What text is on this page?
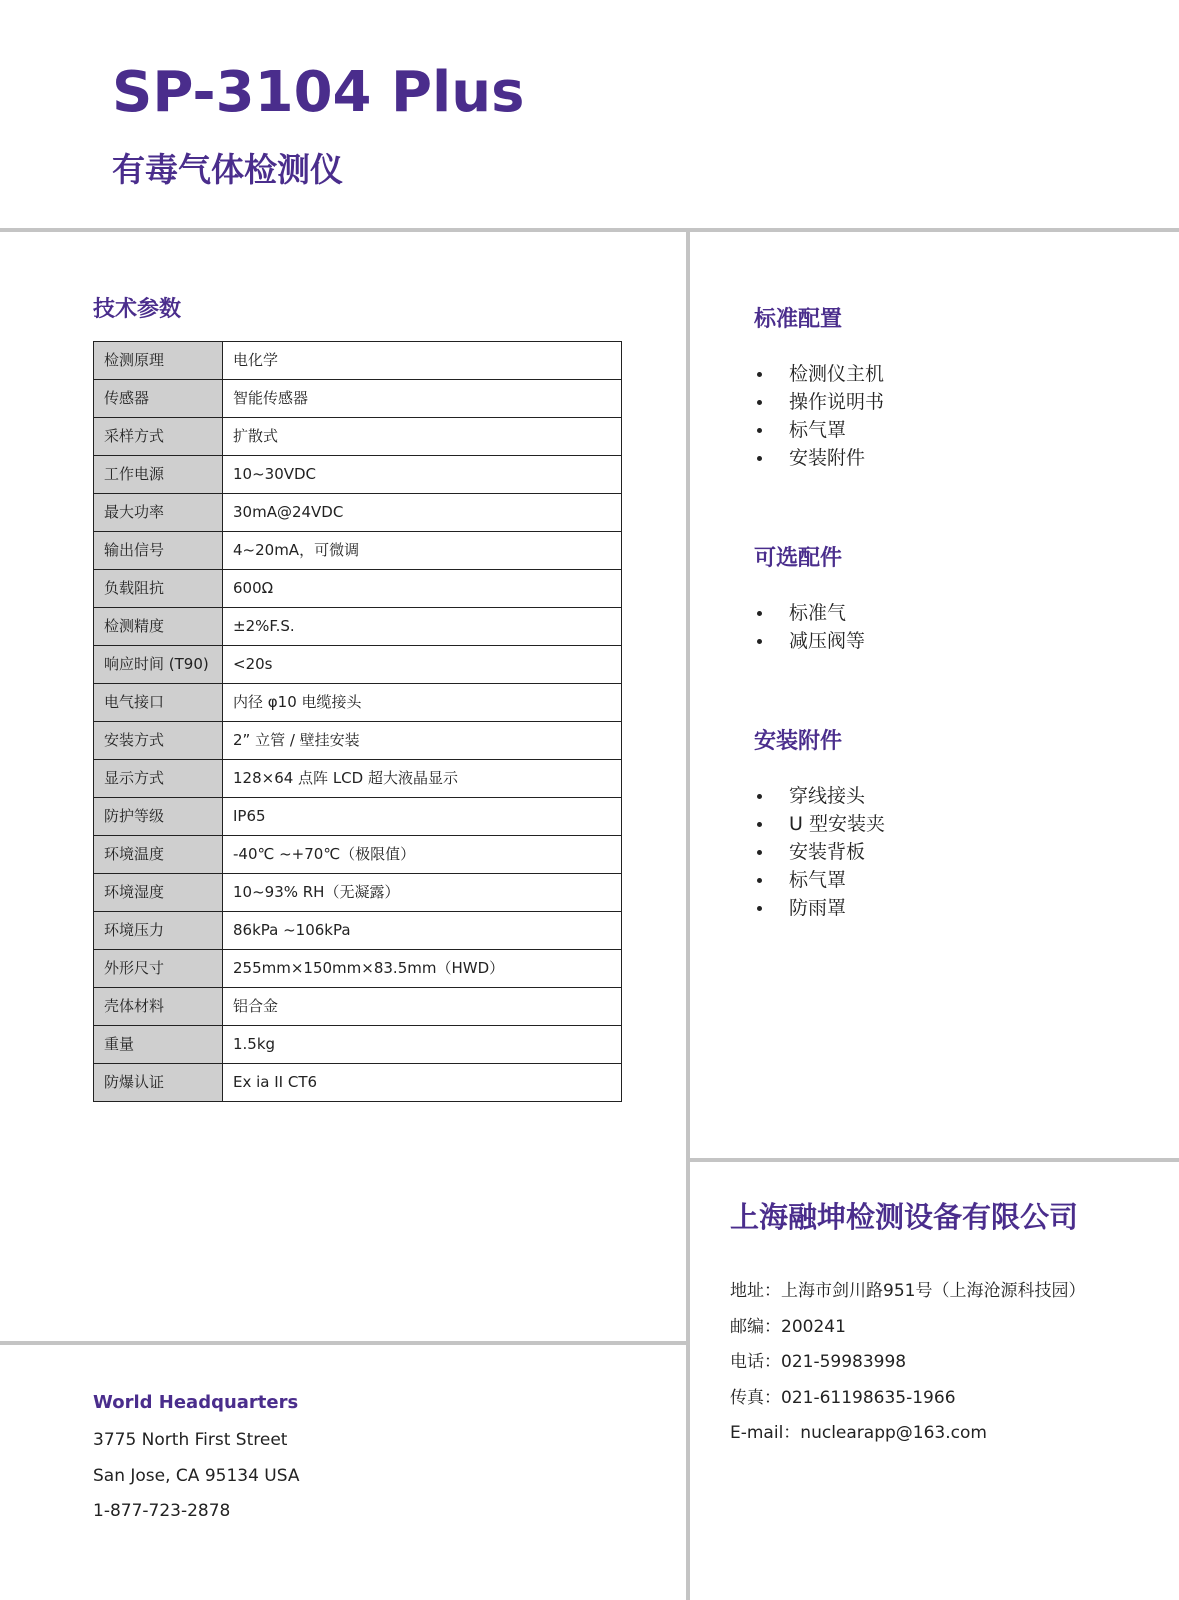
SP-3104 Plus
有毒气体检测仪
技术参数
检测原理	电化学
传感器	智能传感器
采样方式	扩散式
工作电源	10~30VDC
最大功率	30mA@24VDC
输出信号	4~20mA，可微调
负载阻抗	600Ω
检测精度	±2%F.S.
响应时间 (T90)	<20s
电气接口	内径 φ10 电缆接头
安装方式	2” 立管 / 壁挂安装
显示方式	128×64 点阵 LCD 超大液晶显示
防护等级	IP65
环境温度	-40℃ ~+70℃（极限值）
环境湿度	10~93% RH（无凝露）
环境压力	86kPa ~106kPa
外形尺寸	255mm×150mm×83.5mm（HWD）
壳体材料	铝合金
重量	1.5kg
防爆认证	Ex ia II CT6
标准配置
检测仪主机
操作说明书
标气罩
安装附件
可选配件
标准气
减压阀等
安装附件
穿线接头
U 型安装夹
安装背板
标气罩
防雨罩
上海融坤检测设备有限公司

地址：上海市剑川路951号（上海沧源科技园）

邮编：200241

电话：021-59983998

传真：021-61198635-1966

E-mail：nuclearapp@163.com

World Headquarters

3775 North First Street

San Jose, CA 95134 USA

1-877-723-2878
